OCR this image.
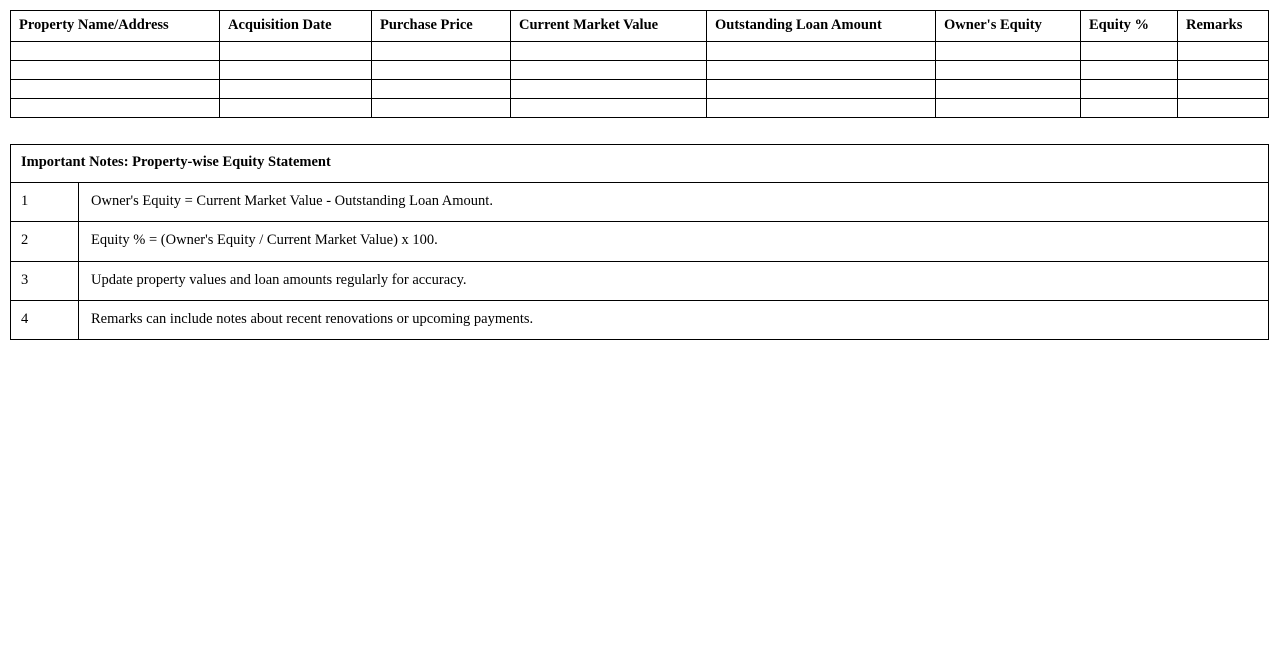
Property Name/Address	Acquisition Date	Purchase Price	Current Market Value	Outstanding Loan Amount	Owner's Equity	Equity %	Remarks

Important Notes: Property-wise Equity Statement	
1	Owner's Equity = Current Market Value - Outstanding Loan Amount.
2	Equity % = (Owner's Equity / Current Market Value) x 100.
3	Update property values and loan amounts regularly for accuracy.
4	Remarks can include notes about recent renovations or upcoming payments.
